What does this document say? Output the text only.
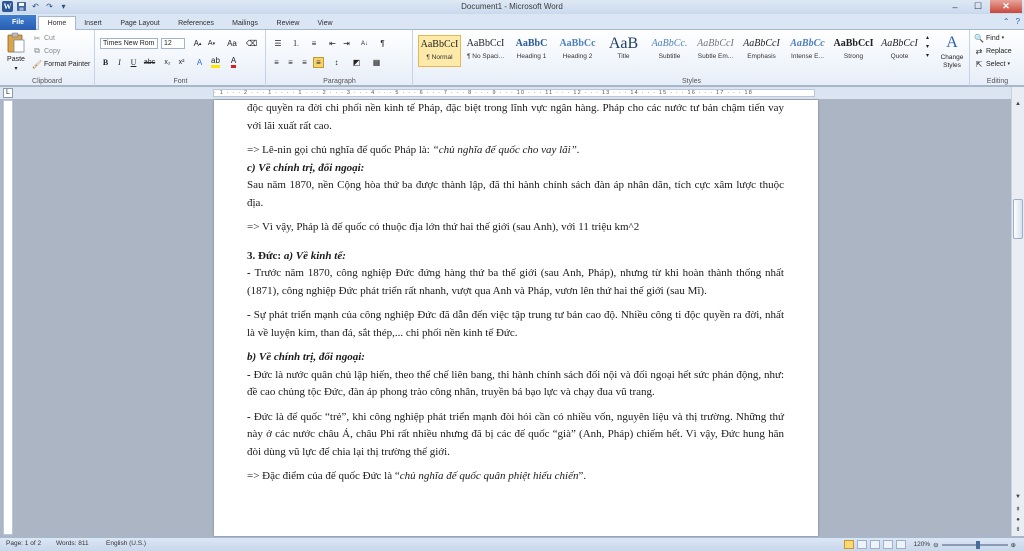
W	↶ ↷	▾	Document1 - Microsoft Word	–	☐	✕
File	Home	Insert	Page Layout	References	Mailings	Review	View	⌃ ?
Paste
▾
✂ Cut
⧉ Copy
🖌 Format Painter
Clipboard
Times New Rom	12	A ▴ A ▾ Aa ⌫
B	I	U	abc	x₂	x²	A	ab A
Font
☰	⒈	≡	⇤ ⇥	A↓	¶
≡	≡	≡	≡	↕	◩ ▦
Paragraph
AaBbCcI
¶ Normal
AaBbCcI
¶ No Spaci...
AaBbC
Heading 1
AaBbCc
Heading 2
AaB
Title
AaBbCc.
Subtitle
AaBbCcI
Subtle Em...
AaBbCcI
Emphasis
AaBbCc
Intense E...
AaBbCcI
Strong
AaBbCcI
Quote
▴
▾
▾
A
Change Styles
Styles
🔍 Find ▾
⇄ Replace
⇱ Select ▾
Editing
· 1 · · · 2 · · · 1 · · · · 1 · · · 2 · · · 3 · · · 4 · · · 5 · · · 6 · · · 7 · · · 8 · · · 9 · · · 10 · · · 11 · · · 12 · · · 13 · · · 14 · · · 15 · · · 16 · · · 17 · · · 18
L

độc quyền ra đời chi phối nền kinh tế Pháp, đặc biệt trong lĩnh vực ngân hàng. Pháp cho các nước tư bản chậm tiến vay với lãi xuất rất cao.

=> Lê-nin gọi chủ nghĩa đế quốc Pháp là: “chủ nghĩa đế quốc cho vay lãi”.

c) Về chính trị, đối ngoại:

Sau năm 1870, nền Cộng hòa thứ ba được thành lập, đã thi hành chính sách đàn áp nhân dân, tích cực xâm lược thuộc địa.

=> Vì vậy, Pháp là đế quốc có thuộc địa lớn thứ hai thế giới (sau Anh), với 11 triệu km^2

3. Đức: a) Về kinh tế:

- Trước năm 1870, công nghiệp Đức đứng hàng thứ ba thế giới (sau Anh, Pháp), nhưng từ khi hoàn thành thống nhất (1871), công nghiệp Đức phát triển rất nhanh, vượt qua Anh và Pháp, vươn lên thứ hai thế giới (sau Mĩ).

- Sự phát triển mạnh của công nghiệp Đức đã dẫn đến việc tập trung tư bản cao độ. Nhiều công ti độc quyền ra đời, nhất là về luyện kim, than đá, sắt thép,... chi phối nền kinh tế Đức.

b) Về chính trị, đối ngoại:

- Đức là nước quân chủ lập hiến, theo thể chế liên bang, thi hành chính sách đối nội và đối ngoại hết sức phản động, như: đề cao chủng tộc Đức, đàn áp phong trào công nhân, truyền bá bạo lực và chạy đua vũ trang.

- Đức là đế quốc “trẻ”, khi công nghiệp phát triển mạnh đòi hỏi cần có nhiều vốn, nguyên liệu và thị trường. Những thứ này ở các nước châu Á, châu Phi rất nhiều nhưng đã bị các đế quốc “già” (Anh, Pháp) chiếm hết. Vì vậy, Đức hung hăn đòi dùng vũ lực để chia lại thị trường thế giới.

=> Đặc điểm của đế quốc Đức là “chủ nghĩa đế quốc quân phiệt hiếu chiến”.

▲
▼
⇞
●
⇟
Page: 1 of 2 Words: 811	English (U.S.)	120% ⊖	⊕
